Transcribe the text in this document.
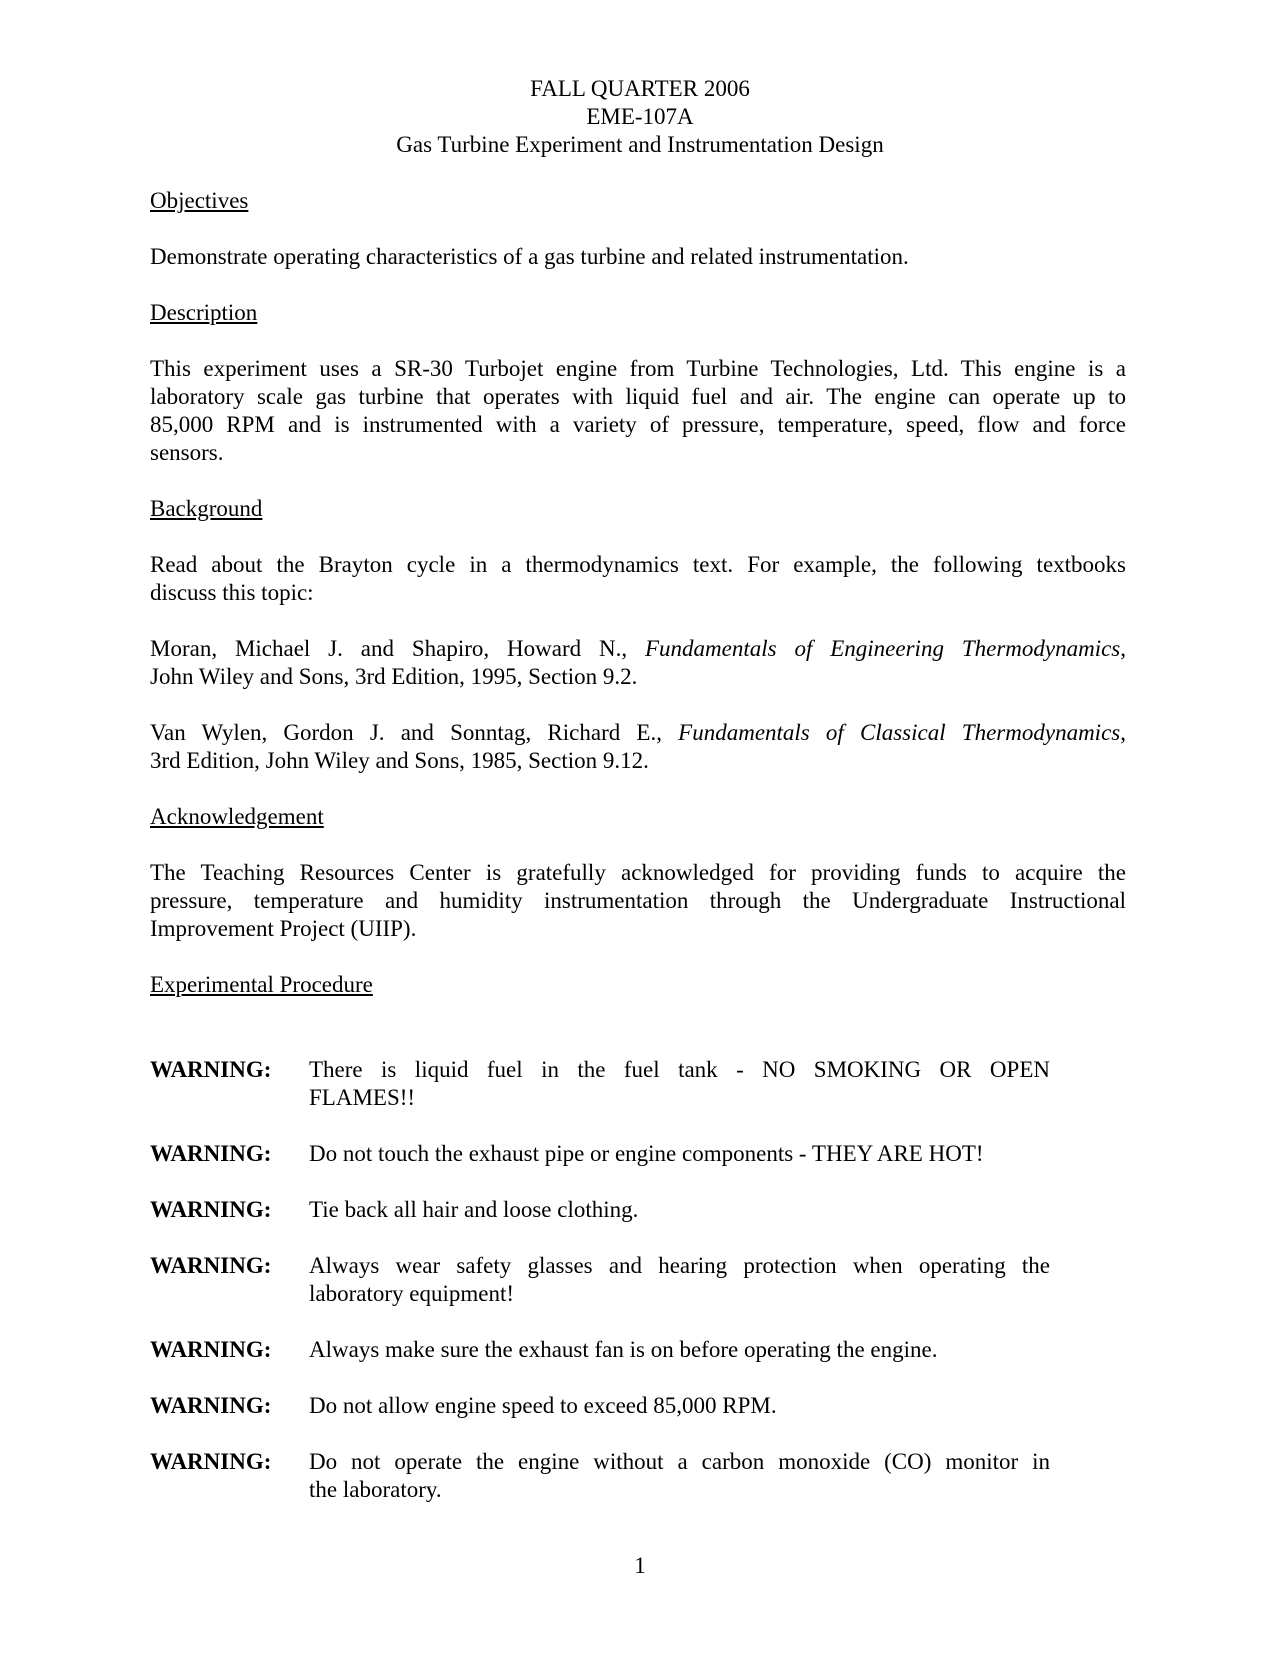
FALL QUARTER 2006
EME-107A
Gas Turbine Experiment and Instrumentation Design
Objectives
Demonstrate operating characteristics of a gas turbine and related instrumentation.
Description
This experiment uses a SR-30 Turbojet engine from Turbine Technologies, Ltd. This engine is a
laboratory scale gas turbine that operates with liquid fuel and air. The engine can operate up to
85,000 RPM and is instrumented with a variety of pressure, temperature, speed, flow and force
sensors.
Background
Read about the Brayton cycle in a thermodynamics text. For example, the following textbooks
discuss this topic:
Moran, Michael J. and Shapiro, Howard N., Fundamentals of Engineering Thermodynamics,
John Wiley and Sons, 3rd Edition, 1995, Section 9.2.
Van Wylen, Gordon J. and Sonntag, Richard E., Fundamentals of Classical Thermodynamics,
3rd Edition, John Wiley and Sons, 1985, Section 9.12.
Acknowledgement
The Teaching Resources Center is gratefully acknowledged for providing funds to acquire the
pressure, temperature and humidity instrumentation through the Undergraduate Instructional
Improvement Project (UIIP).
Experimental Procedure
WARNING: There is liquid fuel in the fuel tank - NO SMOKING OR OPEN
FLAMES!!
WARNING: Do not touch the exhaust pipe or engine components - THEY ARE HOT!
WARNING: Tie back all hair and loose clothing.
WARNING: Always wear safety glasses and hearing protection when operating the
laboratory equipment!
WARNING: Always make sure the exhaust fan is on before operating the engine.
WARNING: Do not allow engine speed to exceed 85,000 RPM.
WARNING: Do not operate the engine without a carbon monoxide (CO) monitor in
the laboratory.
1
